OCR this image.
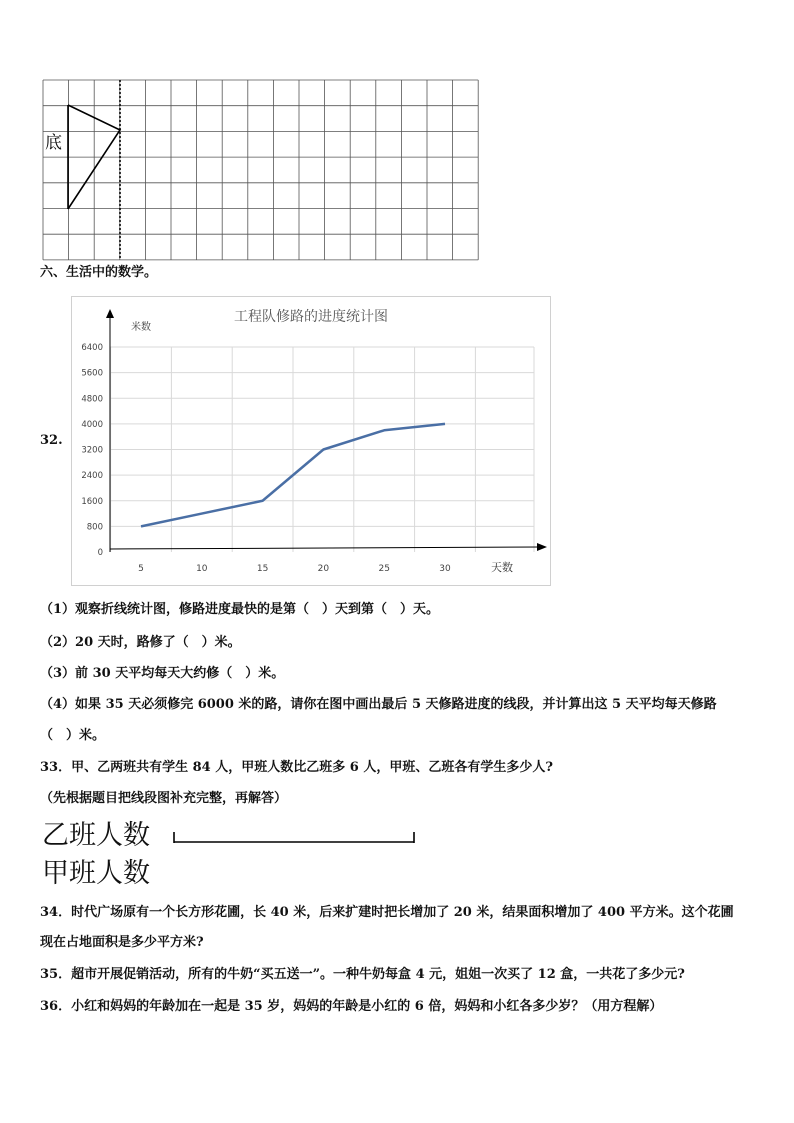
底
六、生活中的数学。
32.
工程队修路的进度统计图
米数
天数
0
800
1600
2400
3200
4000
4800
5600
6400
5	10	15	20	25	30
（1）观察折线统计图，修路进度最快的是第（　）天到第（　）天。
（2）20 天时，路修了（　）米。
（3）前 30 天平均每天大约修（　）米。
（4）如果 35 天必须修完 6000 米的路，请你在图中画出最后 5 天修路进度的线段，并计算出这 5 天平均每天修路
（　）米。
33．甲、乙两班共有学生 84 人，甲班人数比乙班多 6 人，甲班、乙班各有学生多少人?
（先根据题目把线段图补充完整，再解答）
乙班人数
甲班人数
34．时代广场原有一个长方形花圃，长 40 米，后来扩建时把长增加了 20 米，结果面积增加了 400 平方米。这个花圃
现在占地面积是多少平方米?
35．超市开展促销活动，所有的牛奶“买五送一”。一种牛奶每盒 4 元，姐姐一次买了 12 盒，一共花了多少元?
36．小红和妈妈的年龄加在一起是 35 岁，妈妈的年龄是小红的 6 倍，妈妈和小红各多少岁？（用方程解）
